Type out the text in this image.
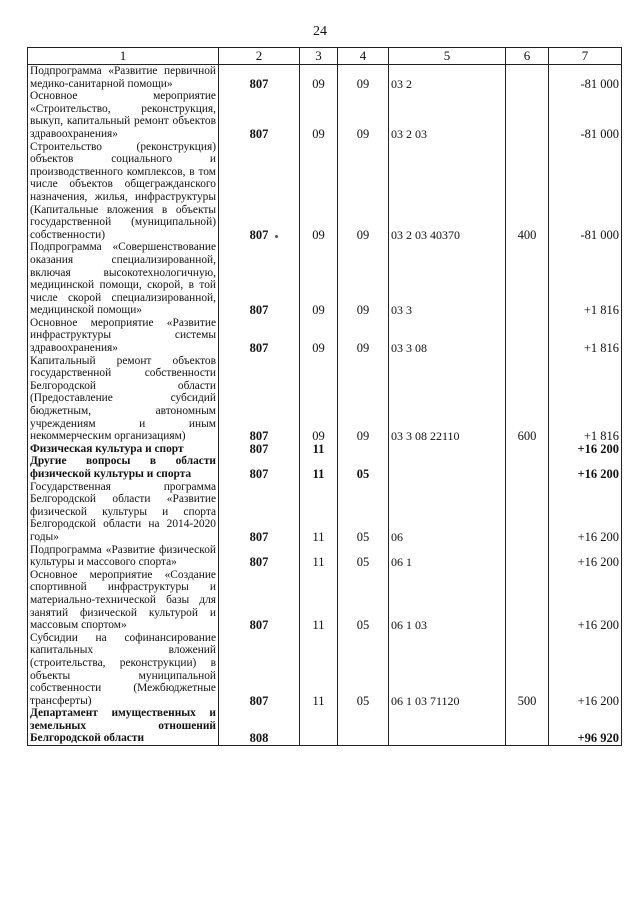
24
1	2	3	4	5	6	7
Подпрограмма «Развитие первичной медико-санитарной помощи»	807	09	09	03 2		-81 000
Основное мероприятие «Строительство, реконструкция, выкуп, капитальный ремонт объектов здравоохранения»	807	09	09	03 2 03		-81 000
Строительство (реконструкция) объектов социального и производственного комплексов, в том числе объектов общегражданского назначения, жилья, инфраструктуры (Капитальные вложения в объекты государственной (муниципальной) собственности)	807	09	09	03 2 03 40370	400	-81 000
Подпрограмма «Совершенствование оказания специализированной, включая высокотехнологичную, медицинской помощи, скорой, в той числе скорой специализированной, медицинской помощи»	807	09	09	03 3		+1 816
Основное мероприятие «Развитие инфраструктуры системы здравоохранения»	807	09	09	03 3 08		+1 816
Капитальный ремонт объектов государственной собственности Белгородской области (Предоставление субсидий бюджетным, автономным учреждениям и иным некоммерческим организациям)	807	09	09	03 3 08 22110	600	+1 816
Физическая культура и спорт	807	11				+16 200
Другие вопросы в области физической культуры и спорта	807	11	05			+16 200
Государственная программа Белгородской области «Развитие физической культуры и спорта Белгородской области на 2014-2020 годы»	807	11	05	06		+16 200
Подпрограмма «Развитие физической культуры и массового спорта»	807	11	05	06 1		+16 200
Основное мероприятие «Создание спортивной инфраструктуры и материально-технической базы для занятий физической культурой и массовым спортом»	807	11	05	06 1 03		+16 200
Субсидии на софинансирование капитальных вложений (строительства, реконструкции) в объекты муниципальной собственности (Межбюджетные трансферты)	807	11	05	06 1 03 71120	500	+16 200
Департамент имущественных и земельных отношений Белгородской области	808					+96 920
